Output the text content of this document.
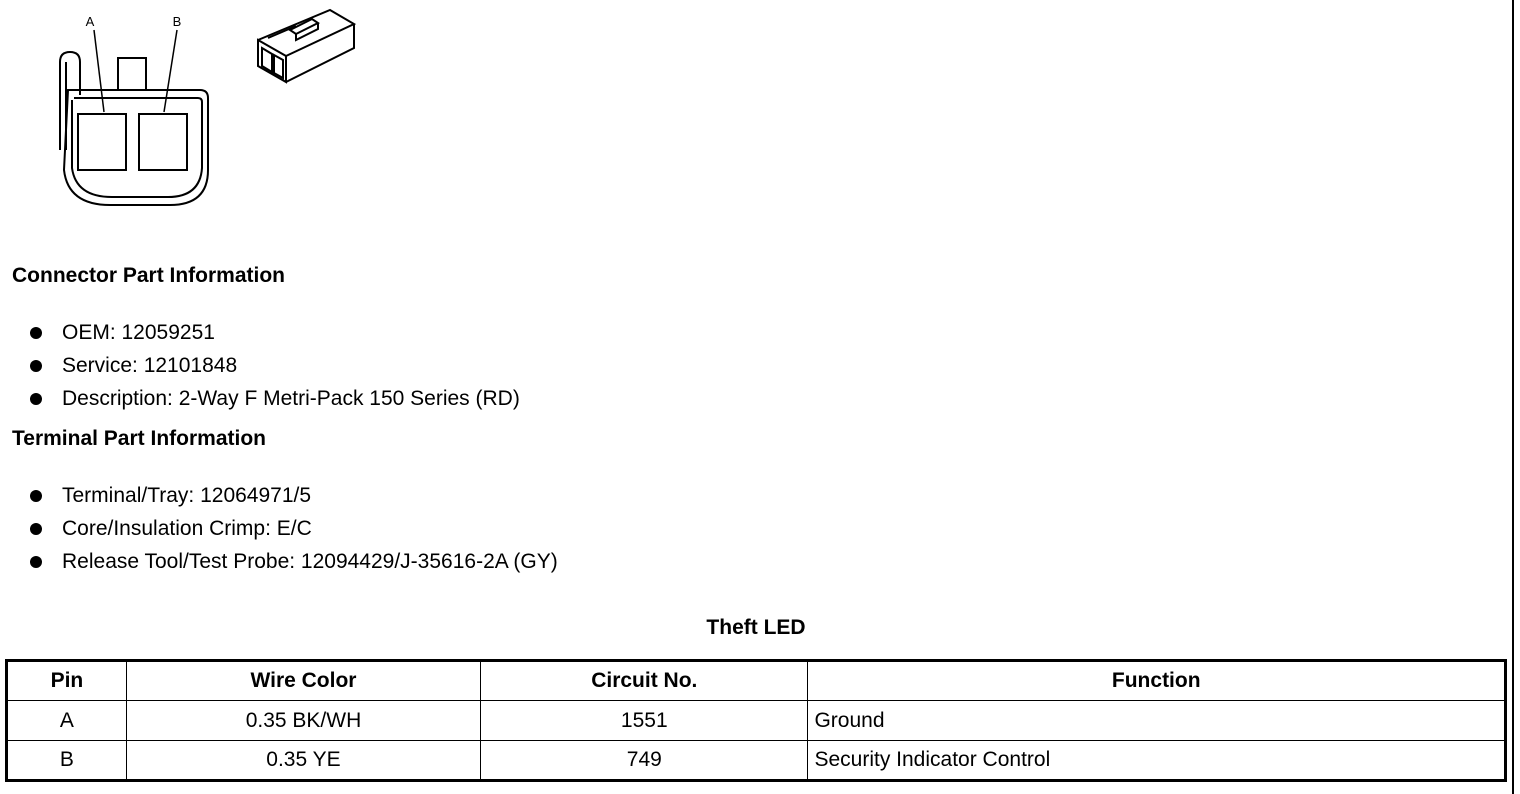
A	B
Connector Part Information
OEM: 12059251
Service: 12101848
Description: 2-Way F Metri-Pack 150 Series (RD)
Terminal Part Information
Terminal/Tray: 12064971/5
Core/Insulation Crimp: E/C
Release Tool/Test Probe: 12094429/J-35616-2A (GY)
Theft LED
Pin	Wire Color	Circuit No.	Function
A	0.35 BK/WH	1551	Ground
B	0.35 YE	749	Security Indicator Control
